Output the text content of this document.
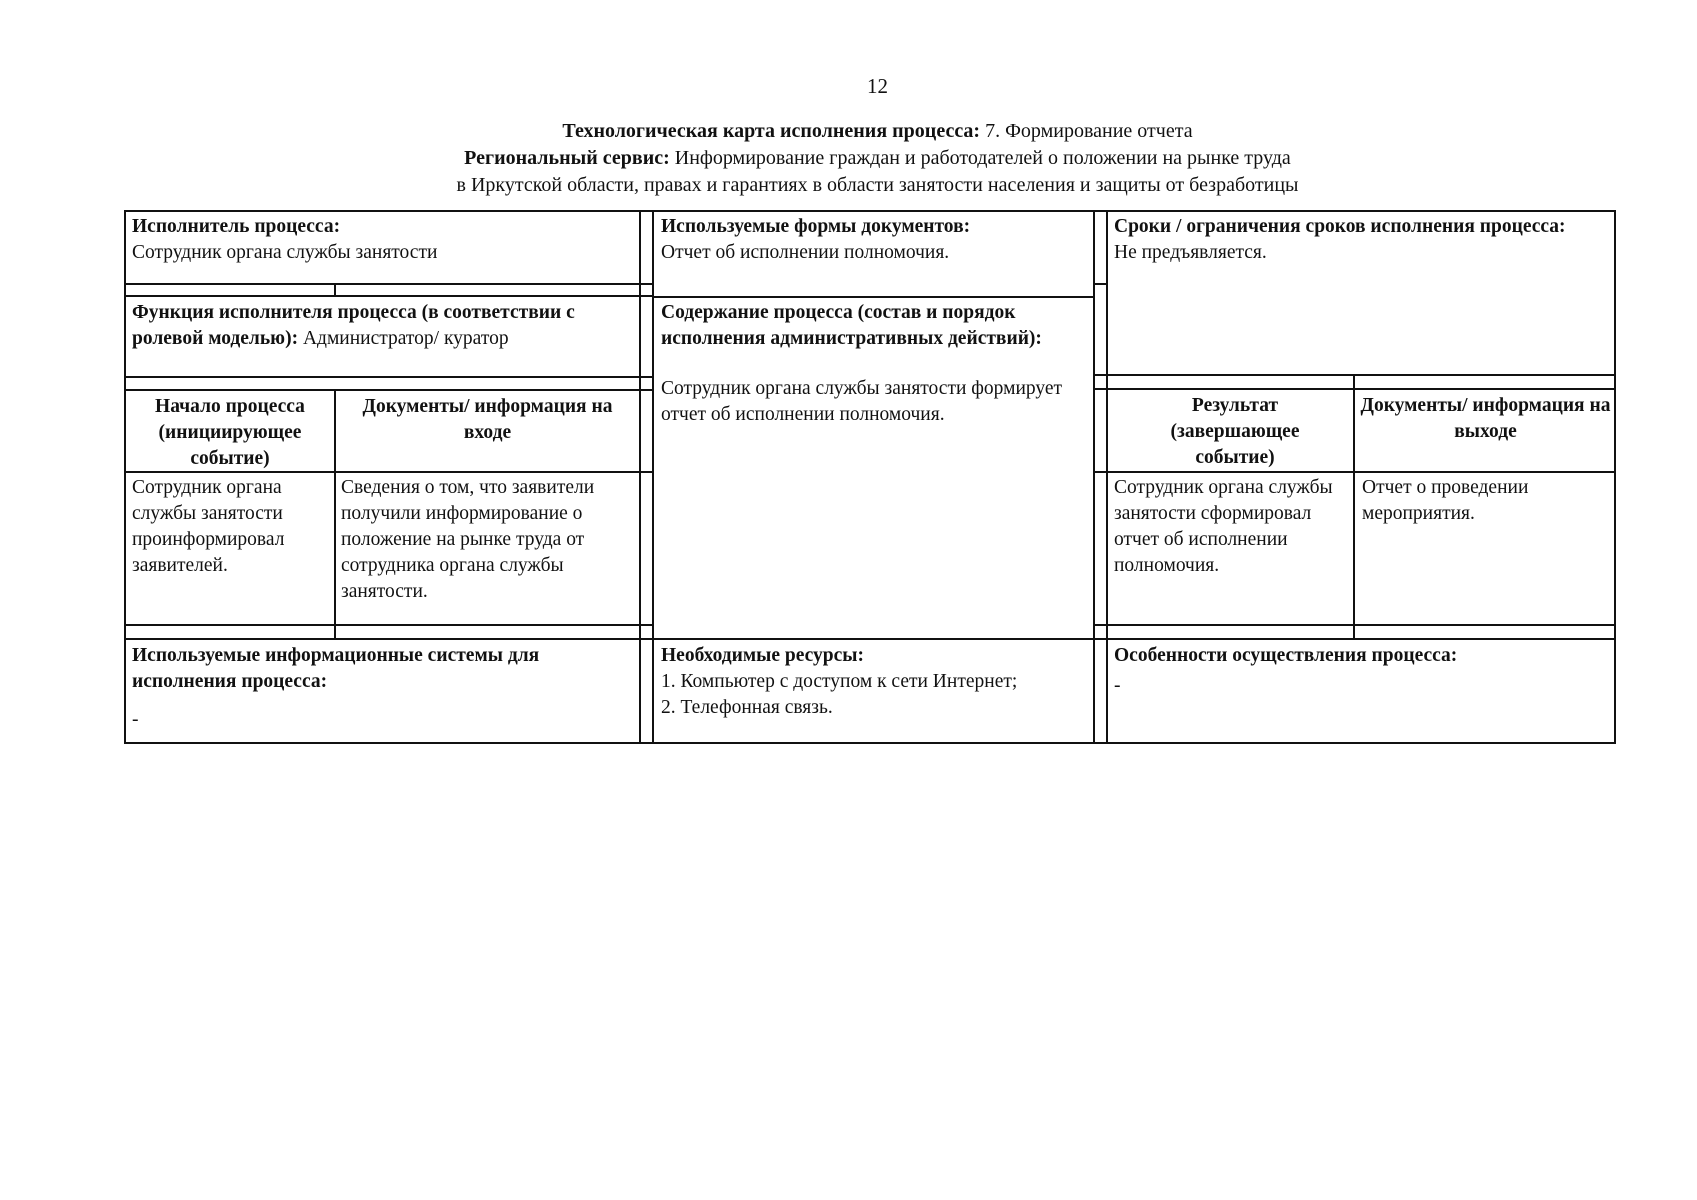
12
Технологическая карта исполнения процесса: 7. Формирование отчета
Региональный сервис: Информирование граждан и работодателей о положении на рынке труда
в Иркутской области, правах и гарантиях в области занятости населения и защиты от безработицы
Исполнитель процесса:
Сотрудник органа службы занятости
Используемые формы документов:
Отчет об исполнении полномочия.
Сроки / ограничения сроков исполнения процесса:
Не предъявляется.
Функция исполнителя процесса (в соответствии с ролевой моделью): Администратор/ куратор
Содержание процесса (состав и порядок исполнения административных действий):
Сотрудник органа службы занятости формирует отчет об исполнении полномочия.
Начало процесса (инициирующее событие)
Документы/ информация на входе
Результат (завершающее событие)
Документы/ информация на выходе
Сотрудник органа службы занятости проинформировал заявителей.
Сведения о том, что заявители получили информирование о положение на рынке труда от сотрудника органа службы занятости.
Сотрудник органа службы занятости сформировал отчет об исполнении полномочия.
Отчет о проведении мероприятия.
Используемые информационные системы для исполнения процесса:
-
Необходимые ресурсы:
1. Компьютер с доступом к сети Интернет;
2. Телефонная связь.
Особенности осуществления процесса:
-
